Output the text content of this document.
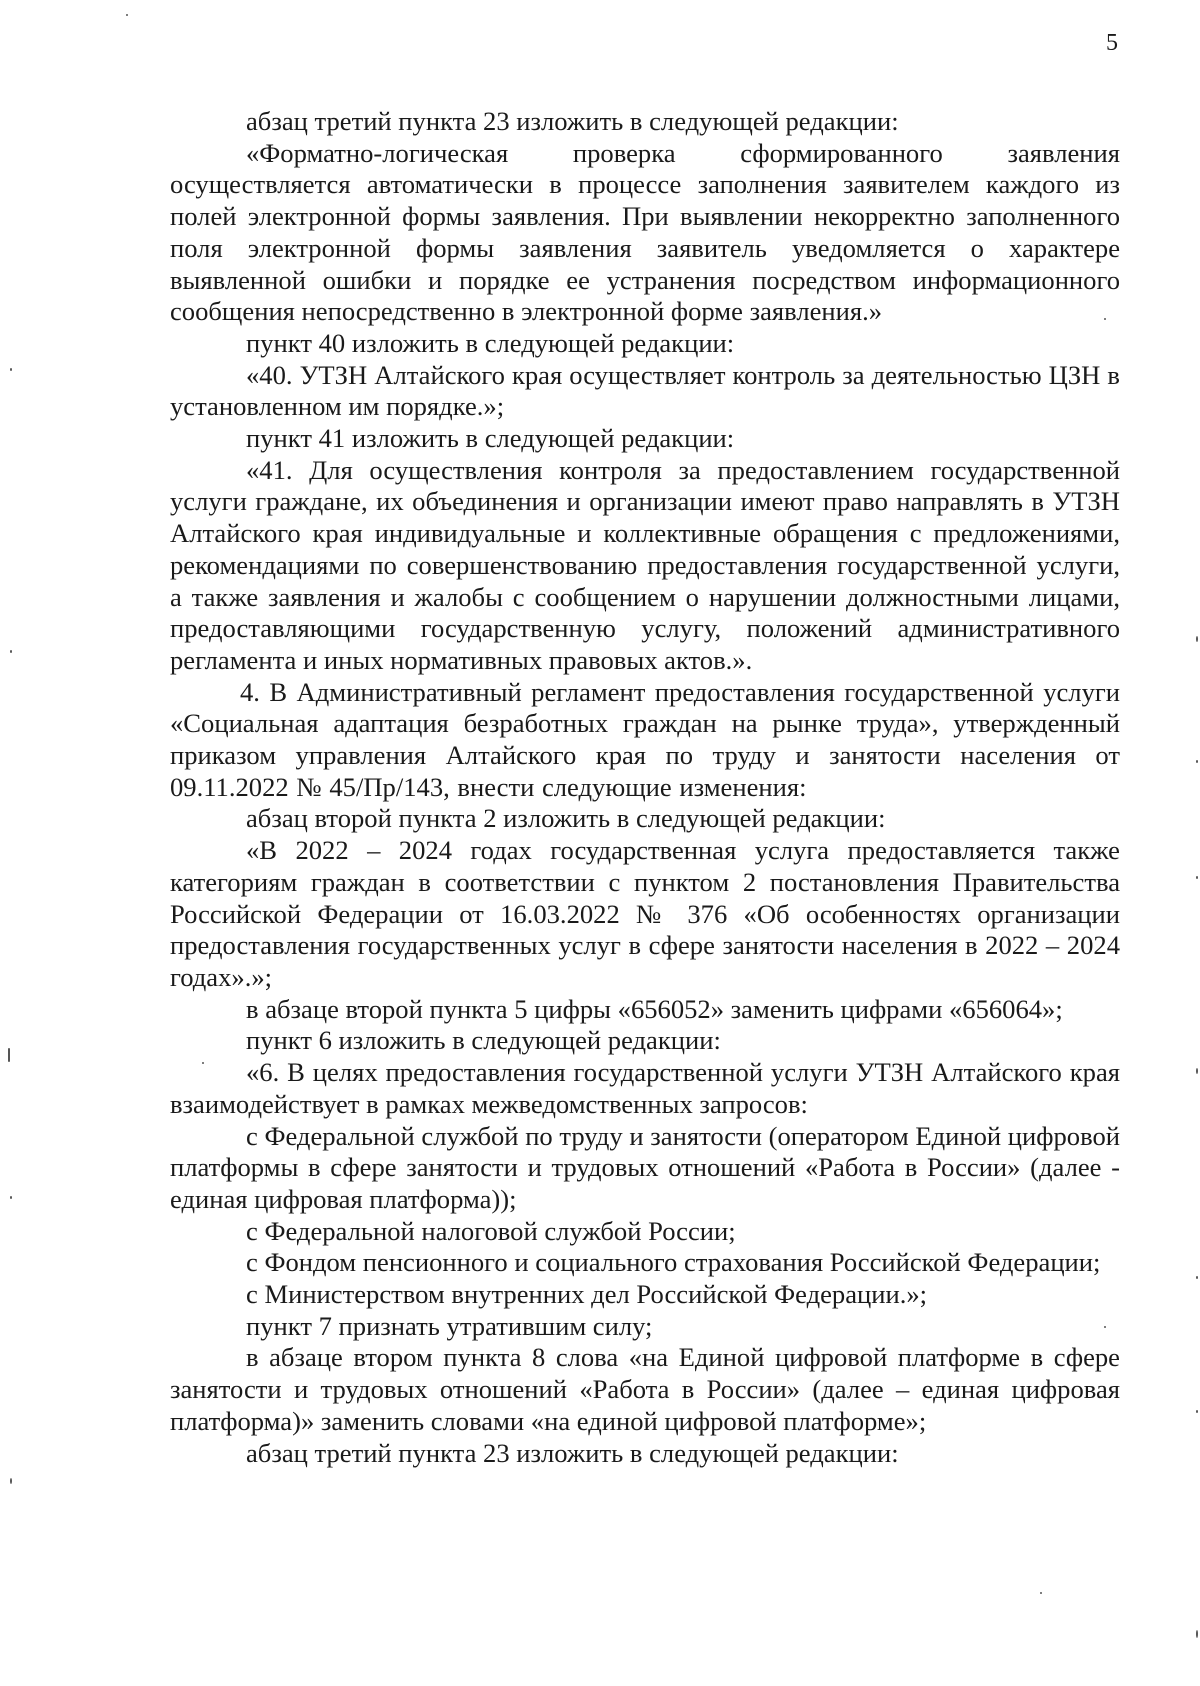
5

абзац третий пункта 23 изложить в следующей редакции:

«Форматно-логическая проверка сформированного заявления осуществляется автоматически в процессе заполнения заявителем каждого из полей электронной формы заявления. При выявлении некорректно заполненного поля электронной формы заявления заявитель уведомляется о характере выявленной ошибки и порядке ее устранения посредством информационного сообщения непосредственно в электронной форме заявления.»

пункт 40 изложить в следующей редакции:

«40. УТЗН Алтайского края осуществляет контроль за деятельностью ЦЗН в установленном им порядке.»;

пункт 41 изложить в следующей редакции:

«41. Для осуществления контроля за предоставлением государственной услуги граждане, их объединения и организации имеют право направлять в УТЗН Алтайского края индивидуальные и коллективные обращения с предложениями, рекомендациями по совершенствованию предоставления государственной услуги, а также заявления и жалобы с сообщением о нарушении должностными лицами, предоставляющими государственную услугу, положений административного регламента и иных нормативных правовых актов.».

4. В Административный регламент предоставления государственной услуги «Социальная адаптация безработных граждан на рынке труда», утвержденный приказом управления Алтайского края по труду и занятости населения от 09.11.2022 № 45/Пр/143, внести следующие изменения:

абзац второй пункта 2 изложить в следующей редакции:

«В 2022 – 2024 годах государственная услуга предоставляется также категориям граждан в соответствии с пунктом 2 постановления Правительства Российской Федерации от 16.03.2022 № 376 «Об особенностях организации предоставления государственных услуг в сфере занятости населения в 2022 – 2024 годах».»;

в абзаце второй пункта 5 цифры «656052» заменить цифрами «656064»;

пункт 6 изложить в следующей редакции:

«6. В целях предоставления государственной услуги УТЗН Алтайского края взаимодействует в рамках межведомственных запросов:

с Федеральной службой по труду и занятости (оператором Единой цифровой платформы в сфере занятости и трудовых отношений «Работа в России» (далее - единая цифровая платформа));

с Федеральной налоговой службой России;

с Фондом пенсионного и социального страхования Российской Федерации;

с Министерством внутренних дел Российской Федерации.»;

пункт 7 признать утратившим силу;

в абзаце втором пункта 8 слова «на Единой цифровой платформе в сфере занятости и трудовых отношений «Работа в России» (далее – единая цифровая платформа)» заменить словами «на единой цифровой платформе»;

абзац третий пункта 23 изложить в следующей редакции:
